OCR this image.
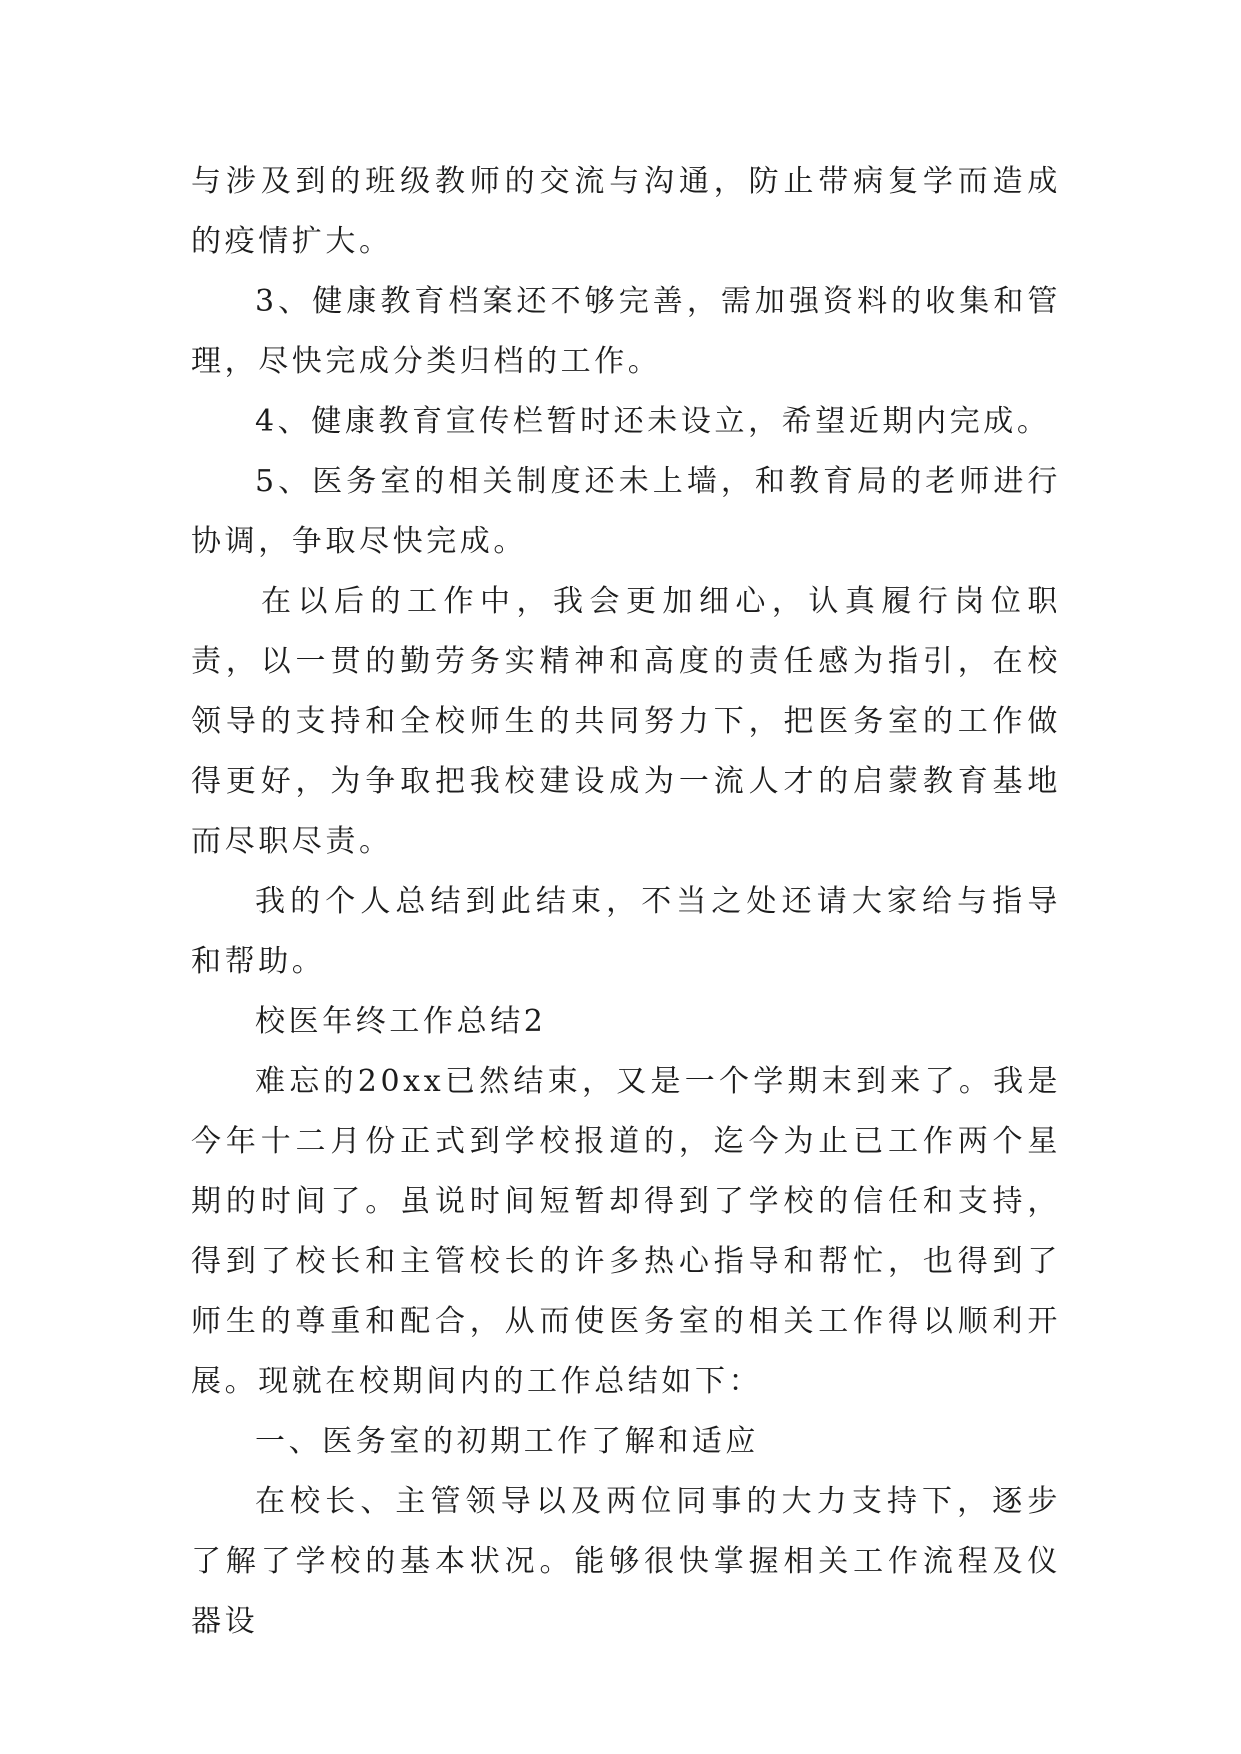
与涉及到的班级教师的交流与沟通，防止带病复学而造成的疫情扩大。

3、健康教育档案还不够完善，需加强资料的收集和管理，尽快完成分类归档的工作。

4、健康教育宣传栏暂时还未设立，希望近期内完成。

5、医务室的相关制度还未上墙，和教育局的老师进行协调，争取尽快完成。

在以后的工作中，我会更加细心，认真履行岗位职责，以一贯的勤劳务实精神和高度的责任感为指引，在校领导的支持和全校师生的共同努力下，把医务室的工作做得更好，为争取把我校建设成为一流人才的启蒙教育基地而尽职尽责。

我的个人总结到此结束，不当之处还请大家给与指导和帮助。

校医年终工作总结2

难忘的20xx已然结束，又是一个学期末到来了。我是今年十二月份正式到学校报道的，迄今为止已工作两个星期的时间了。虽说时间短暂却得到了学校的信任和支持，得到了校长和主管校长的许多热心指导和帮忙，也得到了师生的尊重和配合，从而使医务室的相关工作得以顺利开展。现就在校期间内的工作总结如下：

一、医务室的初期工作了解和适应

在校长、主管领导以及两位同事的大力支持下，逐步了解了学校的基本状况。能够很快掌握相关工作流程及仪器设
